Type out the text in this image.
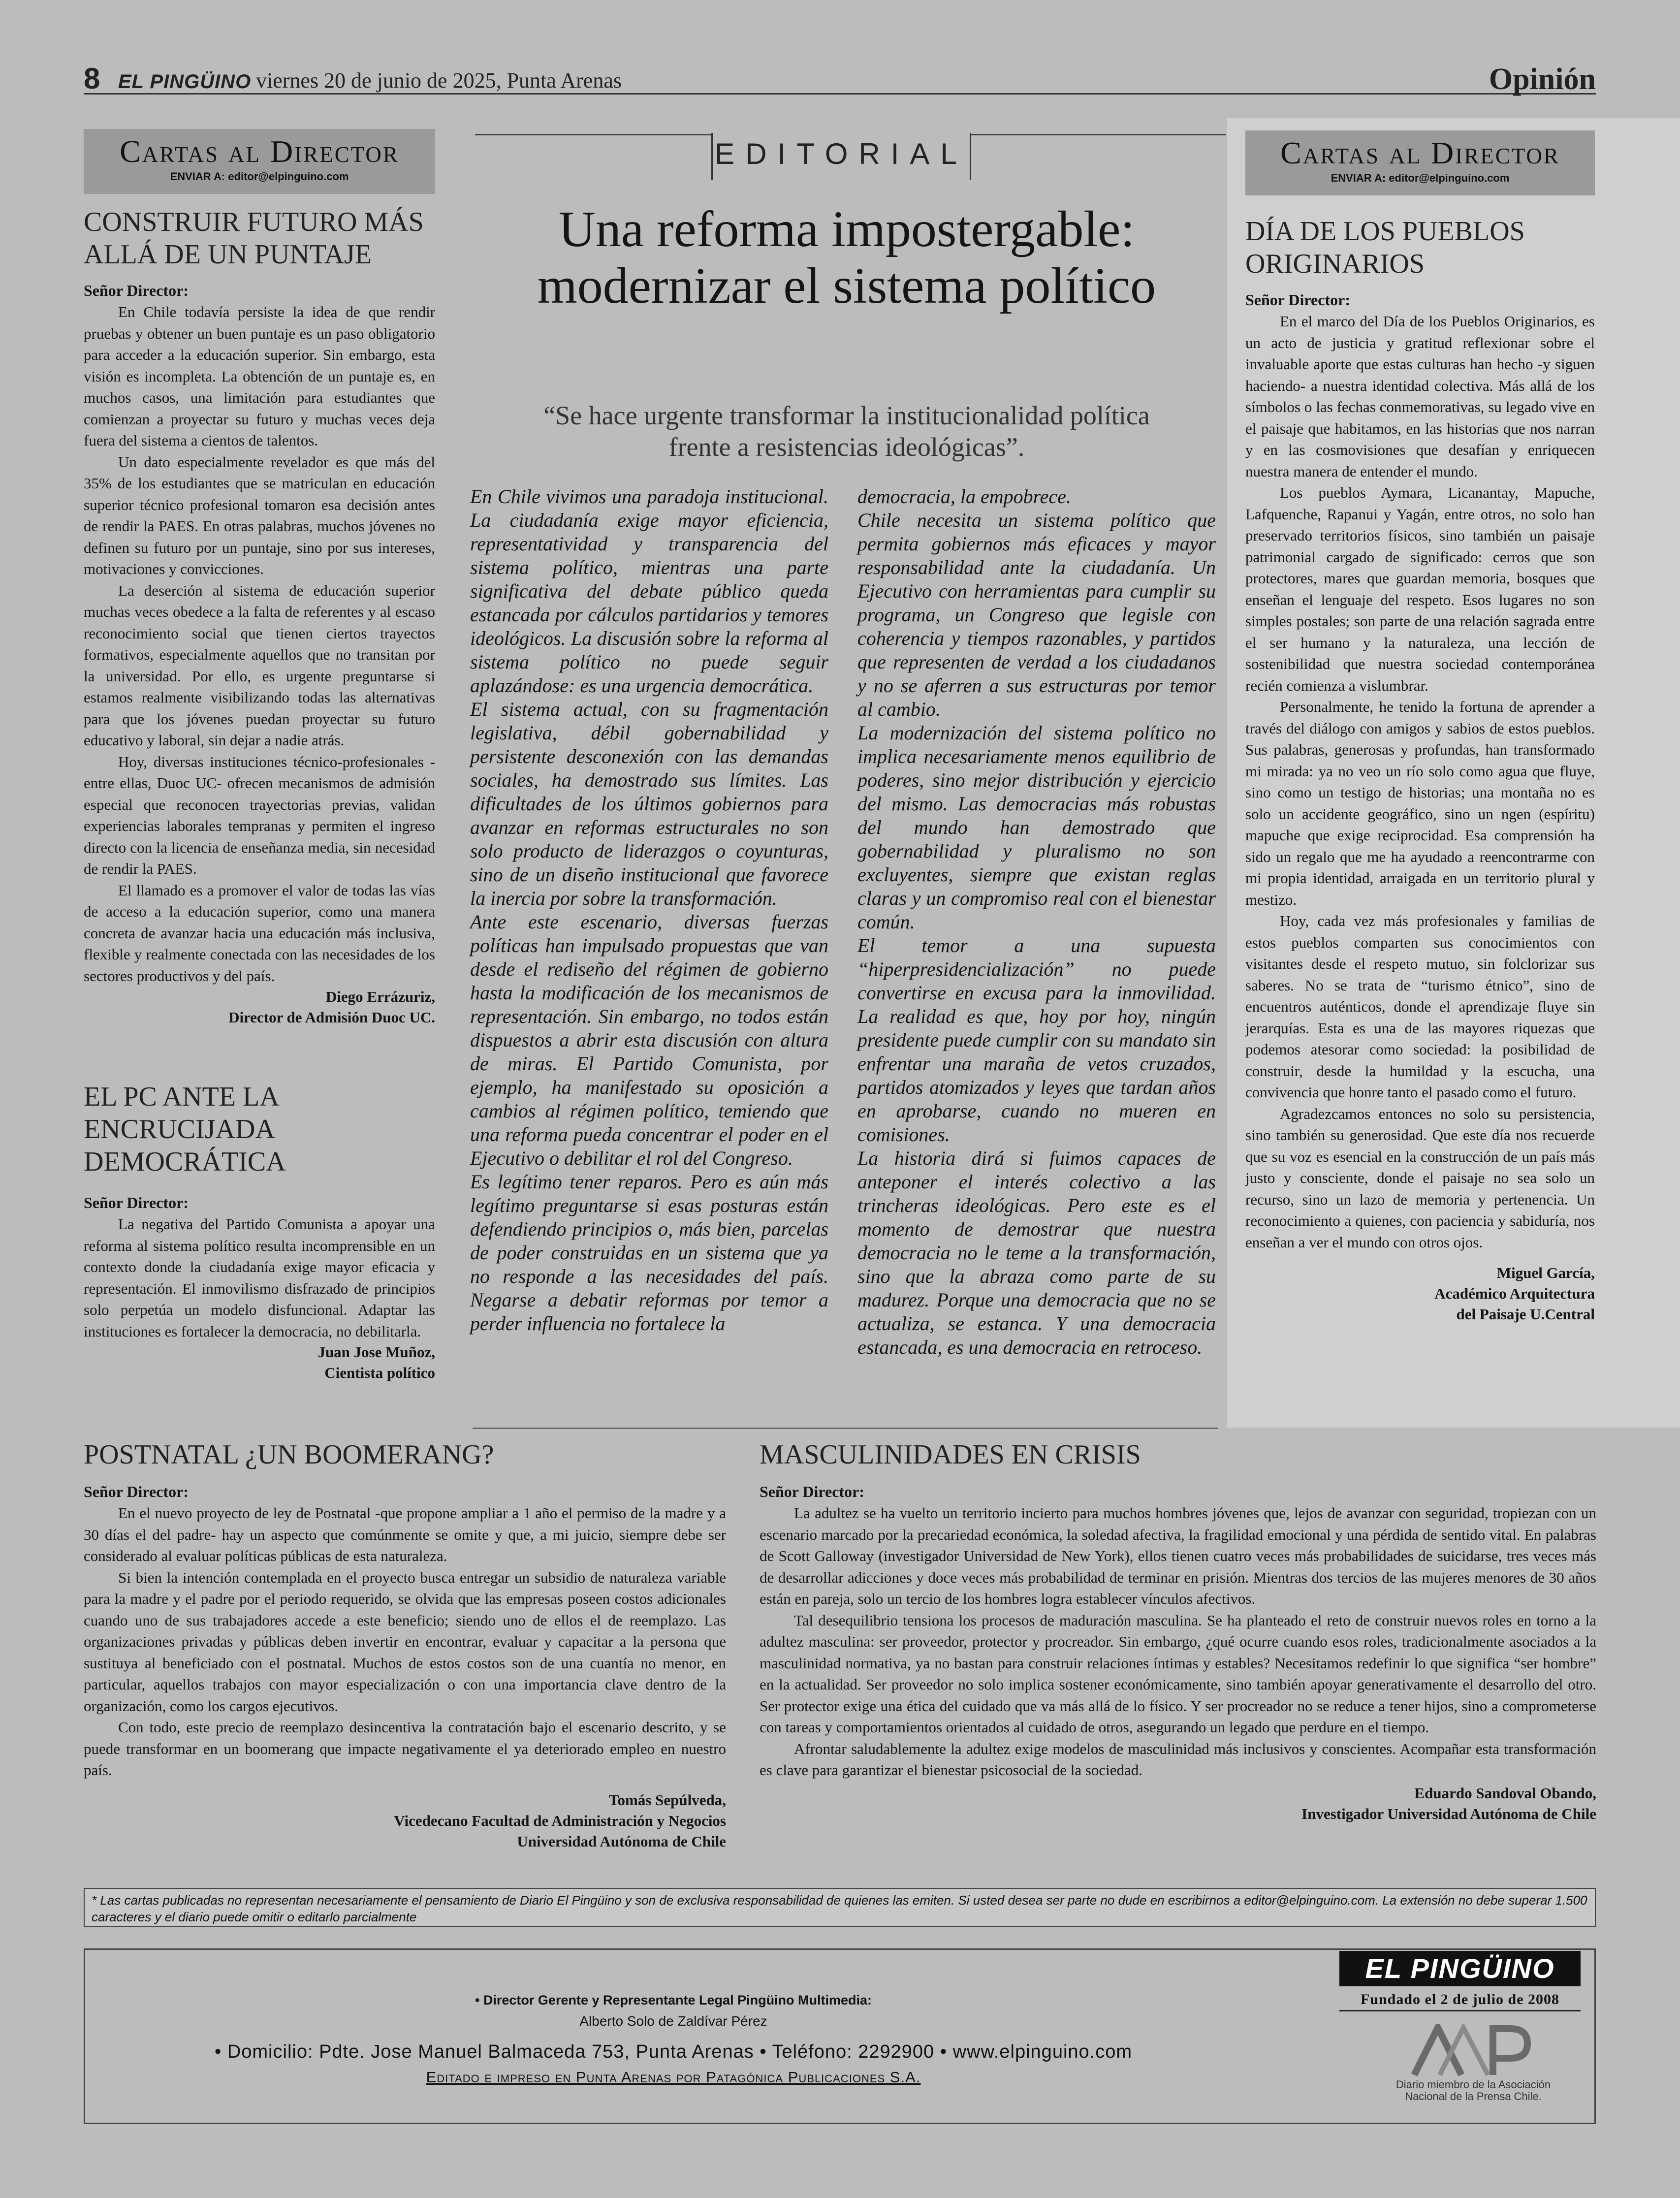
8 EL PINGÜINO viernes 20 de junio de 2025, Punta Arenas	Opinión
Cartas al Director
ENVIAR A: editor@elpinguino.com
CONSTRUIR FUTURO MÁS
ALLÁ DE UN PUNTAJE
Señor Director:

En Chile todavía persiste la idea de que rendir pruebas y obtener un buen puntaje es un paso obligatorio para acceder a la educación superior. Sin embargo, esta visión es incompleta. La obtención de un puntaje es, en muchos casos, una limitación para estudiantes que comienzan a proyectar su futuro y muchas veces deja fuera del sistema a cientos de talentos.

Un dato especialmente revelador es que más del 35% de los estudiantes que se matriculan en educación superior técnico profesional tomaron esa decisión antes de rendir la PAES. En otras palabras, muchos jóvenes no definen su futuro por un puntaje, sino por sus intereses, motivaciones y convicciones.

La deserción al sistema de educación superior muchas veces obedece a la falta de referentes y al escaso reconocimiento social que tienen ciertos trayectos formativos, especialmente aquellos que no transitan por la universidad. Por ello, es urgente preguntarse si estamos realmente visibilizando todas las alternativas para que los jóvenes puedan proyectar su futuro educativo y laboral, sin dejar a nadie atrás.

Hoy, diversas instituciones técnico-profesionales -entre ellas, Duoc UC- ofrecen mecanismos de admisión especial que reconocen trayectorias previas, validan experiencias laborales tempranas y permiten el ingreso directo con la licencia de enseñanza media, sin necesidad de rendir la PAES.

El llamado es a promover el valor de todas las vías de acceso a la educación superior, como una manera concreta de avanzar hacia una educación más inclusiva, flexible y realmente conectada con las necesidades de los sectores productivos y del país.

Diego Errázuriz,
Director de Admisión Duoc UC.
EL PC ANTE LA
ENCRUCIJADA
DEMOCRÁTICA
Señor Director:

La negativa del Partido Comunista a apoyar una reforma al sistema político resulta incomprensible en un contexto donde la ciudadanía exige mayor eficacia y representación. El inmovilismo disfrazado de principios solo perpetúa un modelo disfuncional. Adaptar las instituciones es fortalecer la democracia, no debilitarla.

Juan Jose Muñoz,
Cientista político
EDITORIAL
Una reforma impostergable:
modernizar el sistema político
“Se hace urgente transformar la institucionalidad política
frente a resistencias ideológicas”.

En Chile vivimos una paradoja institucional. La ciudadanía exige mayor eficiencia, representatividad y transparencia del sistema político, mientras una parte significativa del debate público queda estancada por cálculos partidarios y temores ideológicos. La discusión sobre la reforma al sistema político no puede seguir aplazándose: es una urgencia democrática.

El sistema actual, con su fragmentación legislativa, débil gobernabilidad y persistente desconexión con las demandas sociales, ha demostrado sus límites. Las dificultades de los últimos gobiernos para avanzar en reformas estructurales no son solo producto de liderazgos o coyunturas, sino de un diseño institucional que favorece la inercia por sobre la transformación.

Ante este escenario, diversas fuerzas políticas han impulsado propuestas que van desde el rediseño del régimen de gobierno hasta la modificación de los mecanismos de representación. Sin embargo, no todos están dispuestos a abrir esta discusión con altura de miras. El Partido Comunista, por ejemplo, ha manifestado su oposición a cambios al régimen político, temiendo que una reforma pueda concentrar el poder en el Ejecutivo o debilitar el rol del Congreso.

Es legítimo tener reparos. Pero es aún más legítimo preguntarse si esas posturas están defendiendo principios o, más bien, parcelas de poder construidas en un sistema que ya no responde a las necesidades del país. Negarse a debatir reformas por temor a perder influencia no fortalece la

democracia, la empobrece.

Chile necesita un sistema político que permita gobiernos más eficaces y mayor responsabilidad ante la ciudadanía. Un Ejecutivo con herramientas para cumplir su programa, un Congreso que legisle con coherencia y tiempos razonables, y partidos que representen de verdad a los ciudadanos y no se aferren a sus estructuras por temor al cambio.

La modernización del sistema político no implica necesariamente menos equilibrio de poderes, sino mejor distribución y ejercicio del mismo. Las democracias más robustas del mundo han demostrado que gobernabilidad y pluralismo no son excluyentes, siempre que existan reglas claras y un compromiso real con el bienestar común.

El temor a una supuesta “hiperpresidencialización” no puede convertirse en excusa para la inmovilidad. La realidad es que, hoy por hoy, ningún presidente puede cumplir con su mandato sin enfrentar una maraña de vetos cruzados, partidos atomizados y leyes que tardan años en aprobarse, cuando no mueren en comisiones.

La historia dirá si fuimos capaces de anteponer el interés colectivo a las trincheras ideológicas. Pero este es el momento de demostrar que nuestra democracia no le teme a la transformación, sino que la abraza como parte de su madurez. Porque una democracia que no se actualiza, se estanca. Y una democracia estancada, es una democracia en retroceso.

Cartas al Director
ENVIAR A: editor@elpinguino.com
DÍA DE LOS PUEBLOS
ORIGINARIOS
Señor Director:

En el marco del Día de los Pueblos Originarios, es un acto de justicia y gratitud reflexionar sobre el invaluable aporte que estas culturas han hecho -y siguen haciendo- a nuestra identidad colectiva. Más allá de los símbolos o las fechas conmemorativas, su legado vive en el paisaje que habitamos, en las historias que nos narran y en las cosmovisiones que desafían y enriquecen nuestra manera de entender el mundo.

Los pueblos Aymara, Licanantay, Mapuche, Lafquenche, Rapanui y Yagán, entre otros, no solo han preservado territorios físicos, sino también un paisaje patrimonial cargado de significado: cerros que son protectores, mares que guardan memoria, bosques que enseñan el lenguaje del respeto. Esos lugares no son simples postales; son parte de una relación sagrada entre el ser humano y la naturaleza, una lección de sostenibilidad que nuestra sociedad contemporánea recién comienza a vislumbrar.

Personalmente, he tenido la fortuna de aprender a través del diálogo con amigos y sabios de estos pueblos. Sus palabras, generosas y profundas, han transformado mi mirada: ya no veo un río solo como agua que fluye, sino como un testigo de historias; una montaña no es solo un accidente geográfico, sino un ngen (espíritu) mapuche que exige reciprocidad. Esa comprensión ha sido un regalo que me ha ayudado a reencontrarme con mi propia identidad, arraigada en un territorio plural y mestizo.

Hoy, cada vez más profesionales y familias de estos pueblos comparten sus conocimientos con visitantes desde el respeto mutuo, sin folclorizar sus saberes. No se trata de “turismo étnico”, sino de encuentros auténticos, donde el aprendizaje fluye sin jerarquías. Esta es una de las mayores riquezas que podemos atesorar como sociedad: la posibilidad de construir, desde la humildad y la escucha, una convivencia que honre tanto el pasado como el futuro.

Agradezcamos entonces no solo su persistencia, sino también su generosidad. Que este día nos recuerde que su voz es esencial en la construcción de un país más justo y consciente, donde el paisaje no sea solo un recurso, sino un lazo de memoria y pertenencia. Un reconocimiento a quienes, con paciencia y sabiduría, nos enseñan a ver el mundo con otros ojos.

Miguel García,
Académico Arquitectura
del Paisaje U.Central
POSTNATAL ¿UN BOOMERANG?
Señor Director:

En el nuevo proyecto de ley de Postnatal -que propone ampliar a 1 año el permiso de la madre y a 30 días el del padre- hay un aspecto que comúnmente se omite y que, a mi juicio, siempre debe ser considerado al evaluar políticas públicas de esta naturaleza.

Si bien la intención contemplada en el proyecto busca entregar un subsidio de naturaleza variable para la madre y el padre por el periodo requerido, se olvida que las empresas poseen costos adicionales cuando uno de sus trabajadores accede a este beneficio; siendo uno de ellos el de reemplazo. Las organizaciones privadas y públicas deben invertir en encontrar, evaluar y capacitar a la persona que sustituya al beneficiado con el postnatal. Muchos de estos costos son de una cuantía no menor, en particular, aquellos trabajos con mayor especialización o con una importancia clave dentro de la organización, como los cargos ejecutivos.

Con todo, este precio de reemplazo desincentiva la contratación bajo el escenario descrito, y se puede transformar en un boomerang que impacte negativamente el ya deteriorado empleo en nuestro país.

Tomás Sepúlveda,
Vicedecano Facultad de Administración y Negocios
Universidad Autónoma de Chile
MASCULINIDADES EN CRISIS
Señor Director:

La adultez se ha vuelto un territorio incierto para muchos hombres jóvenes que, lejos de avanzar con seguridad, tropiezan con un escenario marcado por la precariedad económica, la soledad afectiva, la fragilidad emocional y una pérdida de sentido vital. En palabras de Scott Galloway (investigador Universidad de New York), ellos tienen cuatro veces más probabilidades de suicidarse, tres veces más de desarrollar adicciones y doce veces más probabilidad de terminar en prisión. Mientras dos tercios de las mujeres menores de 30 años están en pareja, solo un tercio de los hombres logra establecer vínculos afectivos.

Tal desequilibrio tensiona los procesos de maduración masculina. Se ha planteado el reto de construir nuevos roles en torno a la adultez masculina: ser proveedor, protector y procreador. Sin embargo, ¿qué ocurre cuando esos roles, tradicionalmente asociados a la masculinidad normativa, ya no bastan para construir relaciones íntimas y estables? Necesitamos redefinir lo que significa “ser hombre” en la actualidad. Ser proveedor no solo implica sostener económicamente, sino también apoyar generativamente el desarrollo del otro. Ser protector exige una ética del cuidado que va más allá de lo físico. Y ser procreador no se reduce a tener hijos, sino a comprometerse con tareas y comportamientos orientados al cuidado de otros, asegurando un legado que perdure en el tiempo.

Afrontar saludablemente la adultez exige modelos de masculinidad más inclusivos y conscientes. Acompañar esta transformación es clave para garantizar el bienestar psicosocial de la sociedad.

Eduardo Sandoval Obando,
Investigador Universidad Autónoma de Chile
* Las cartas publicadas no representan necesariamente el pensamiento de Diario El Pingüino y son de exclusiva responsabilidad de quienes las emiten. Si usted desea ser parte no dude en escribirnos a editor@elpinguino.com. La extensión no debe superar 1.500 caracteres y el diario puede omitir o editarlo parcialmente
• Director Gerente y Representante Legal Pingüino Multimedia:
Alberto Solo de Zaldívar Pérez
• Domicilio: Pdte. Jose Manuel Balmaceda 753, Punta Arenas • Teléfono: 2292900 • www.elpinguino.com
Editado e impreso en Punta Arenas por Patagónica Publicaciones S.A.
EL PINGÜINO
Fundado el 2 de julio de 2008
Diario miembro de la Asociación
Nacional de la Prensa Chile.
